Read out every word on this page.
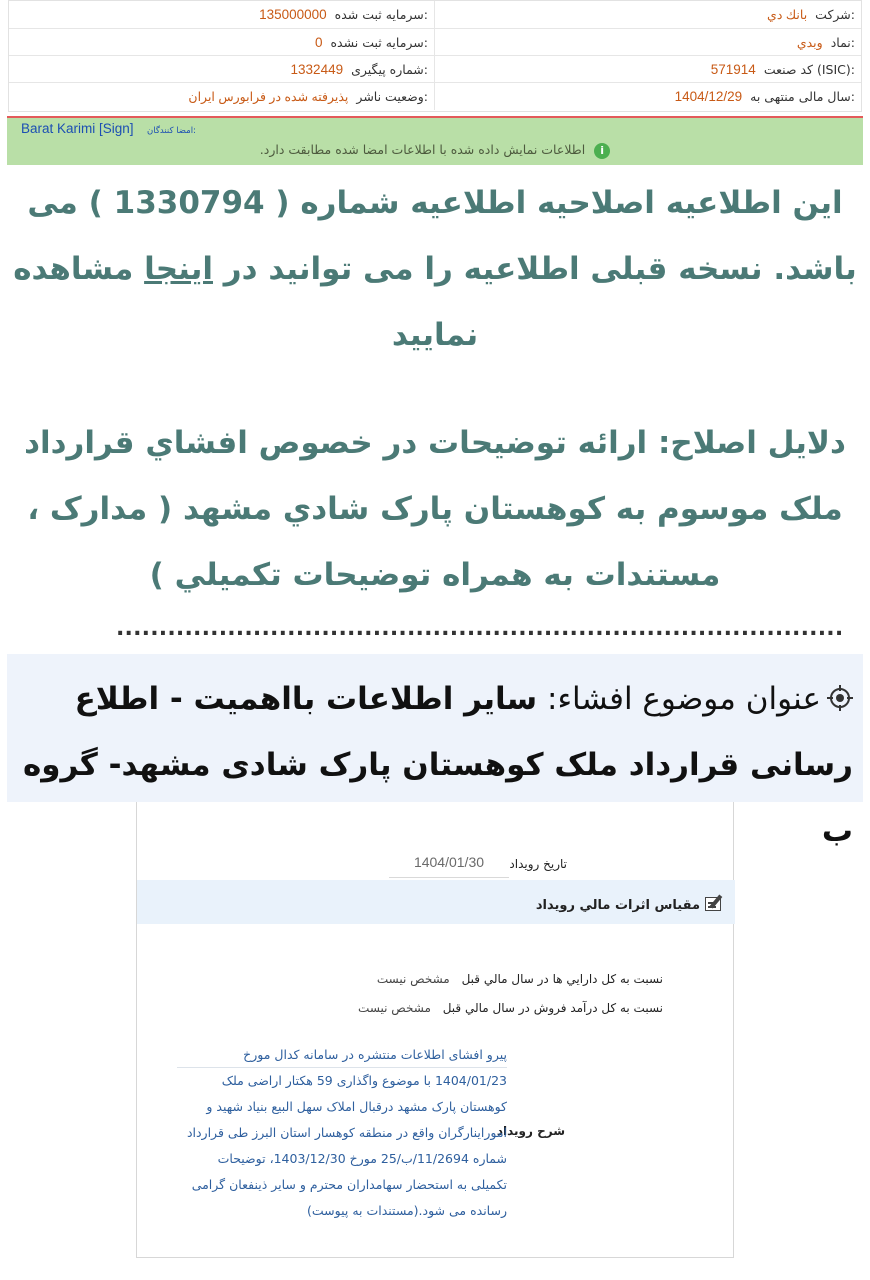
شرکت:
بانك دي
سرمایه ثبت شده:
135000000
نماد:
وبدي
سرمایه ثبت نشده:
0
کد صنعت (ISIC):
571914
شماره پیگیری:
1332449
سال مالی منتهی به:
1404/12/29
وضعیت ناشر:
پذیرفته شده در فرابورس ایران
Barat Karimi [Sign] امضا کنندگان:
i اطلاعات نمایش داده شده با اطلاعات امضا شده مطابقت دارد.
این اطلاعیه اصلاحیه اطلاعیه شماره ( 1330794 ) می باشد. نسخه قبلی اطلاعیه را می توانید در اینجا مشاهده نمایید
دلایل اصلاح: ارائه توضیحات در خصوص افشاي قرارداد ملک موسوم به کوهستان پارک شادي مشهد ( مدارک ، مستندات به همراه توضیحات تکمیلي )
.....................................................................................
عنوان موضوع افشاء: سایر اطلاعات بااهمیت - اطلاع رسانی قرارداد ملک کوهستان پارک شادی مشهد- گروه ب
1404/01/30	تاریخ رویداد
مقیاس اثرات مالي رویداد
نسبت به کل دارایي ها در سال مالي قبل مشخص نیست
نسبت به کل درآمد فروش در سال مالي قبل مشخص نیست
شرح رویداد
پیرو افشای اطلاعات منتشره در سامانه کدال مورخ
1404/01/23 با موضوع واگذاری 59 هکتار اراضی ملک
کوهستان پارک مشهد درقبال املاک سهل البیع بنیاد شهید و
اموراینارگران واقع در منطقه کوهسار استان البرز طی قرارداد
شماره 11/2694/ب/25 مورخ 1403/12/30، توضیحات
تکمیلی به استحضار سهامداران محترم و سایر ذینفعان گرامی
رسانده می شود.(مستندات به پیوست)
